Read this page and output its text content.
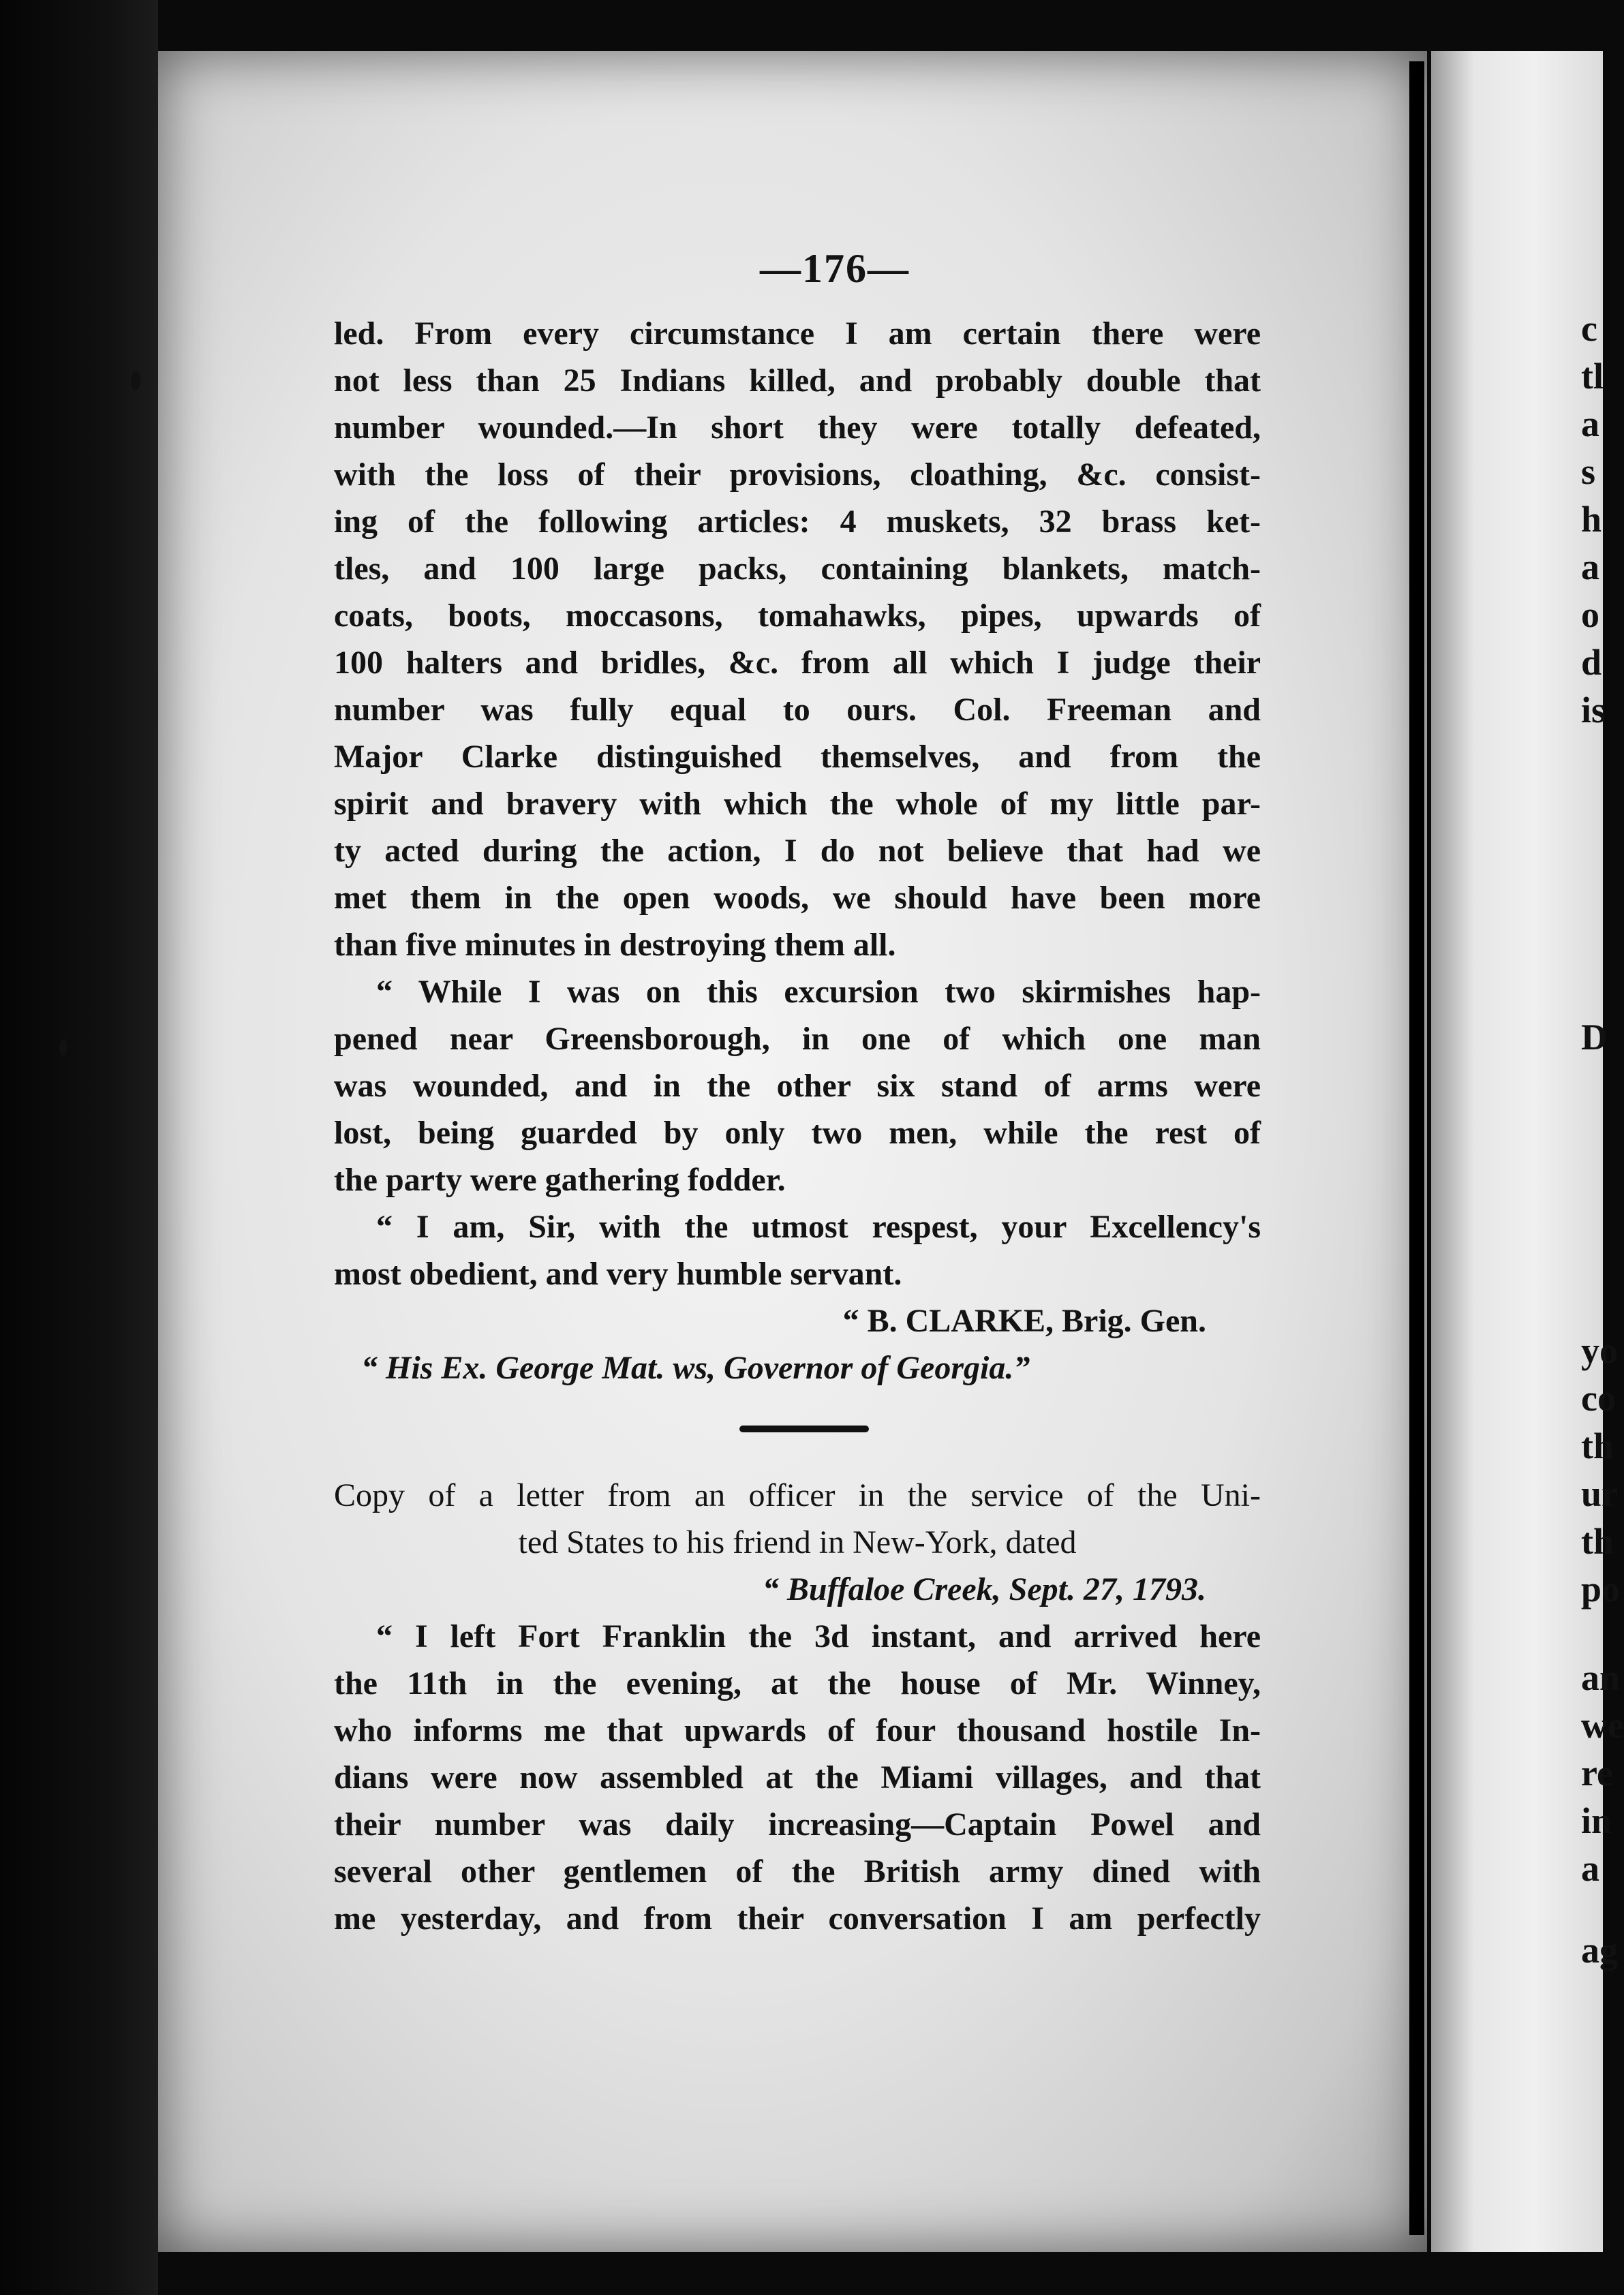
c
tl
a
s
h
a
o
d
is
D
yo
co
th
ur
th
po
an
we
re
in
a
ag
—176—
led. From every circumstance I am certain there were
not less than 25 Indians killed, and probably double that
number wounded.—In short they were totally defeated,
with the loss of their provisions, cloathing, &c. consist-
ing of the following articles: 4 muskets, 32 brass ket-
tles, and 100 large packs, containing blankets, match-
coats, boots, moccasons, tomahawks, pipes, upwards of
100 halters and bridles, &c. from all which I judge their
number was fully equal to ours. Col. Freeman and
Major Clarke distinguished themselves, and from the
spirit and bravery with which the whole of my little par-
ty acted during the action, I do not believe that had we
met them in the open woods, we should have been more
than five minutes in destroying them all.
“ While I was on this excursion two skirmishes hap-
pened near Greensborough, in one of which one man
was wounded, and in the other six stand of arms were
lost, being guarded by only two men, while the rest of
the party were gathering fodder.
“ I am, Sir, with the utmost respest, your Excellency's
most obedient, and very humble servant.
“ B. CLARKE, Brig. Gen.
“ His Ex. George Mat. ws, Governor of Georgia.”
Copy of a letter from an officer in the service of the Uni-
ted States to his friend in New-York, dated
“ Buffaloe Creek, Sept. 27, 1793.
“ I left Fort Franklin the 3d instant, and arrived here
the 11th in the evening, at the house of Mr. Winney,
who informs me that upwards of four thousand hostile In-
dians were now assembled at the Miami villages, and that
their number was daily increasing—Captain Powel and
several other gentlemen of the British army dined with
me yesterday, and from their conversation I am perfectly
